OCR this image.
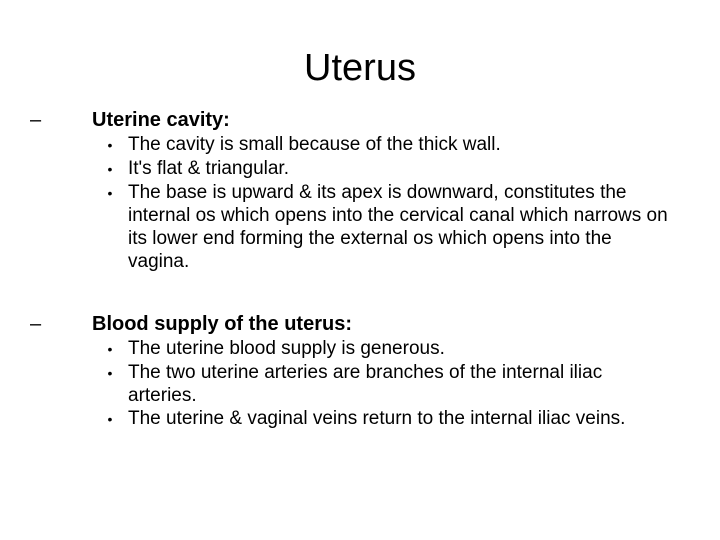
Uterus
–	Uterine cavity:
• The cavity is small because of the thick wall.
• It's flat & triangular.
• The base is upward & its apex is downward, constitutes the internal os which opens into the cervical canal which narrows on its lower end forming the external os which opens into the vagina.
–	Blood supply of the uterus:
• The uterine blood supply is generous.
• The two uterine arteries are branches of the internal iliac arteries.
• The uterine & vaginal veins return to the internal iliac veins.
